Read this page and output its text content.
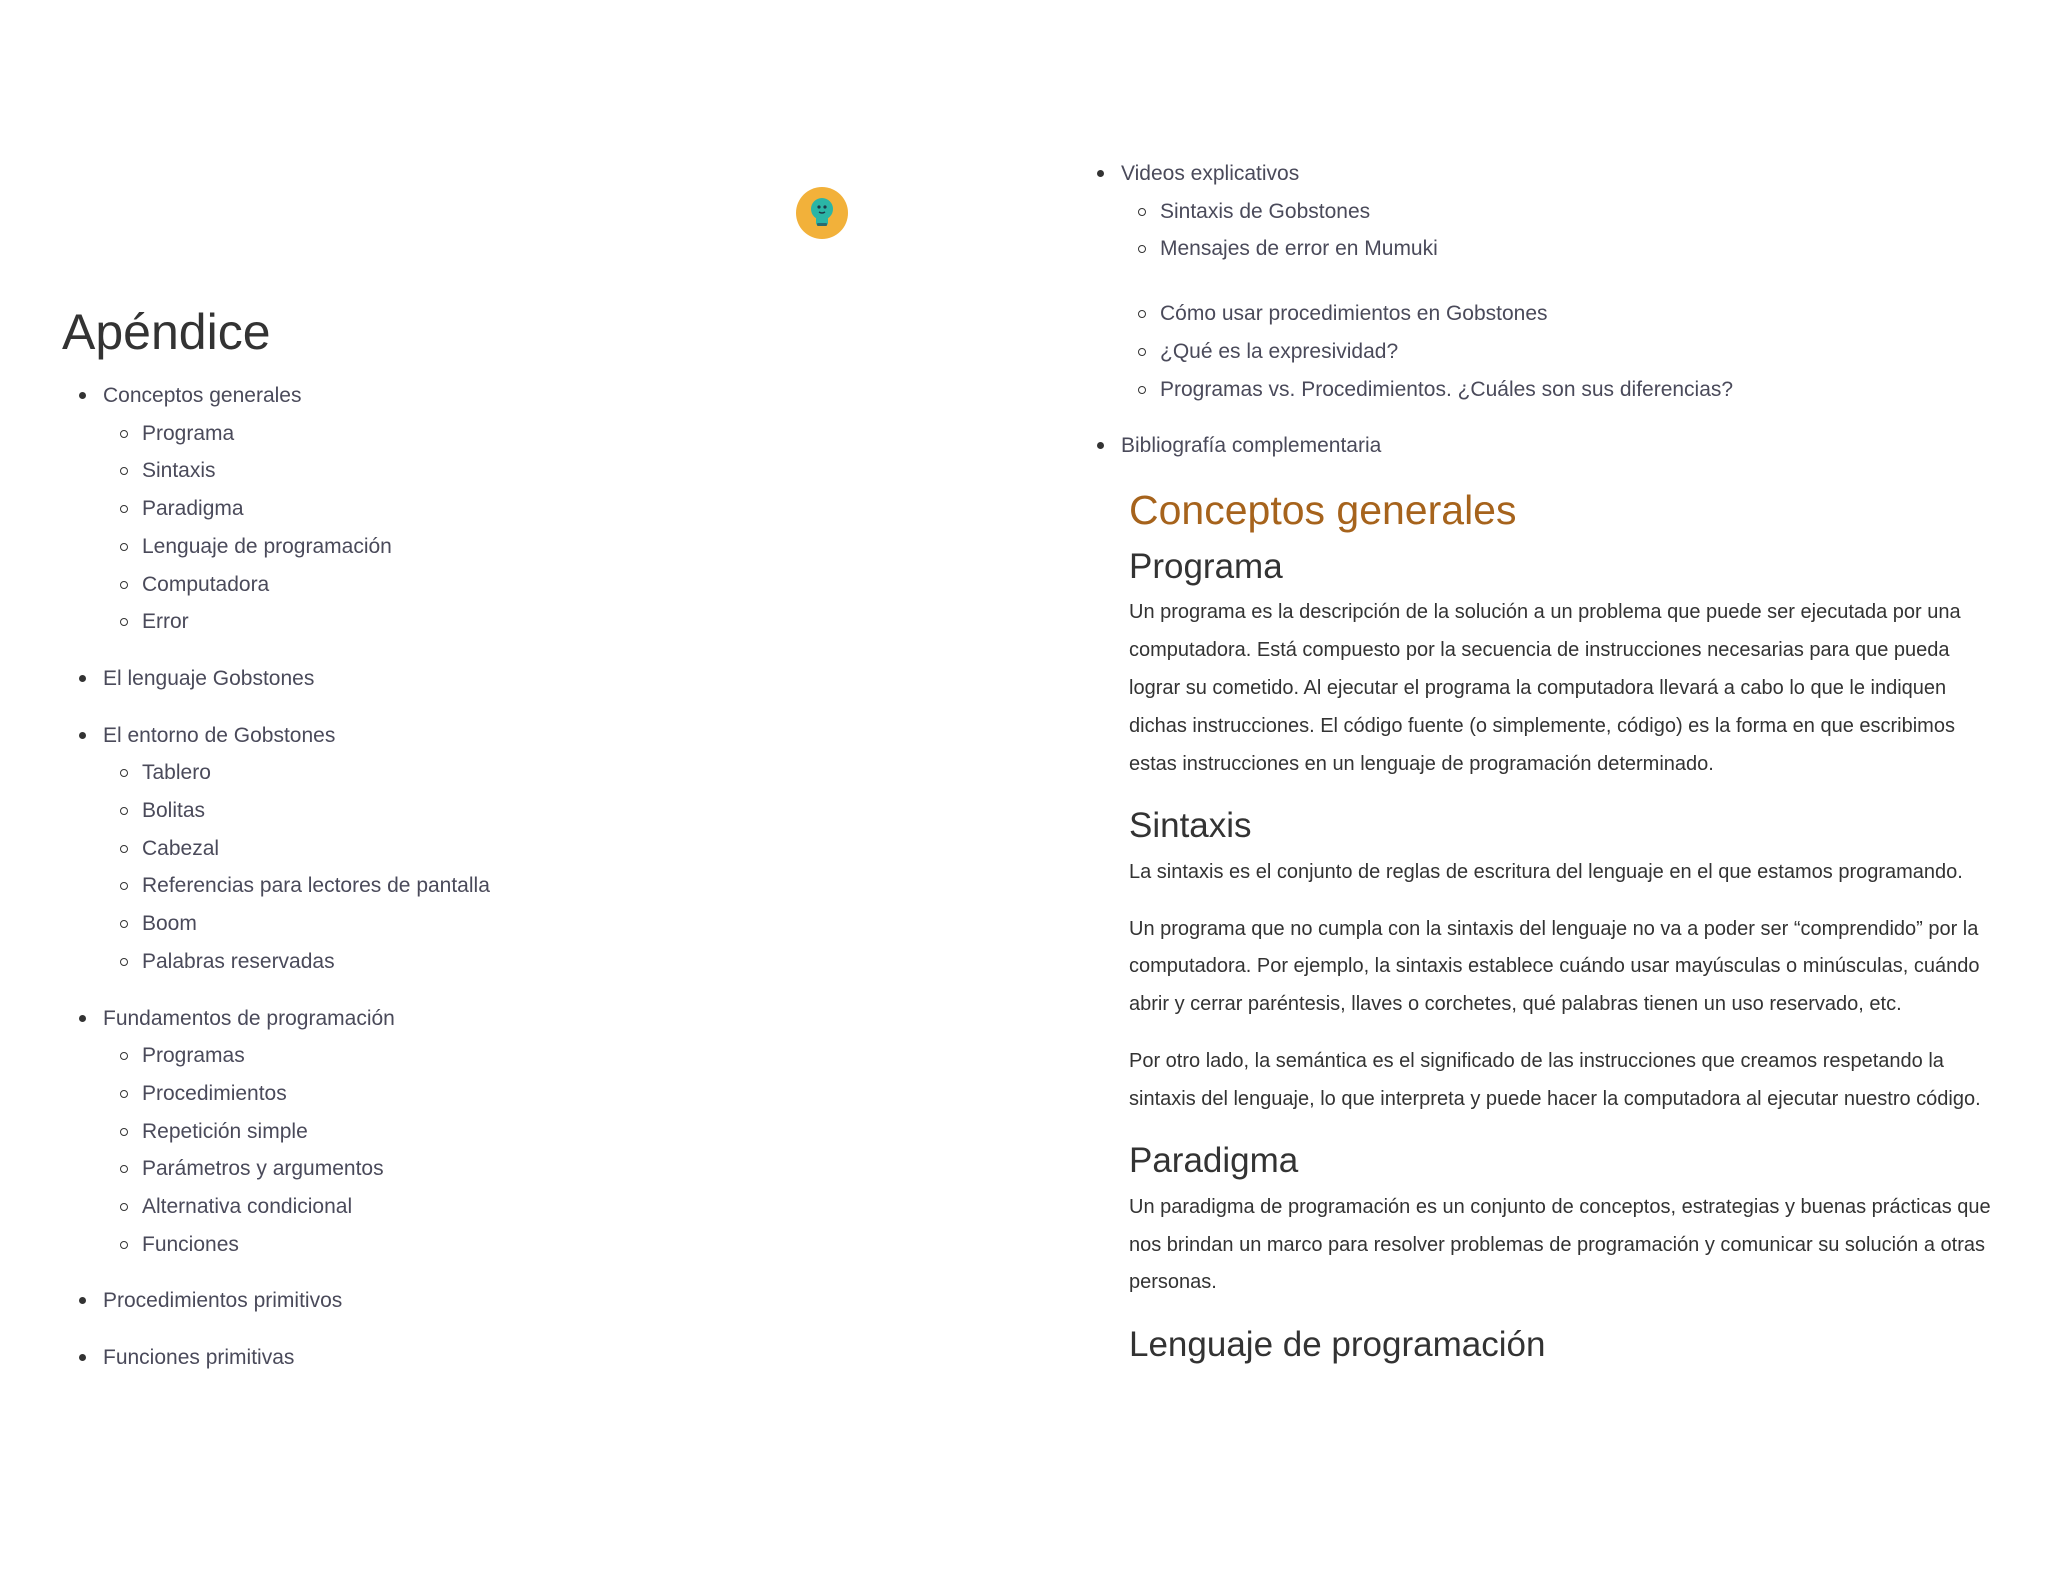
Apéndice
Conceptos generales
Programa
Sintaxis
Paradigma
Lenguaje de programación
Computadora
Error
El lenguaje Gobstones
El entorno de Gobstones
Tablero
Bolitas
Cabezal
Referencias para lectores de pantalla
Boom
Palabras reservadas
Fundamentos de programación
Programas
Procedimientos
Repetición simple
Parámetros y argumentos
Alternativa condicional
Funciones
Procedimientos primitivos
Funciones primitivas
Videos explicativos
Sintaxis de Gobstones
Mensajes de error en Mumuki
Cómo usar procedimientos en Gobstones
¿Qué es la expresividad?
Programas vs. Procedimientos. ¿Cuáles son sus diferencias?
Bibliografía complementaria
Conceptos generales
Programa

Un programa es la descripción de la solución a un problema que puede ser ejecutada por una computadora. Está compuesto por la secuencia de instrucciones necesarias para que pueda lograr su cometido. Al ejecutar el programa la computadora llevará a cabo lo que le indiquen dichas instrucciones. El código fuente (o simplemente, código) es la forma en que escribimos estas instrucciones en un lenguaje de programación determinado.

Sintaxis

La sintaxis es el conjunto de reglas de escritura del lenguaje en el que estamos programando.

Un programa que no cumpla con la sintaxis del lenguaje no va a poder ser “comprendido” por la computadora. Por ejemplo, la sintaxis establece cuándo usar mayúsculas o minúsculas, cuándo abrir y cerrar paréntesis, llaves o corchetes, qué palabras tienen un uso reservado, etc.

Por otro lado, la semántica es el significado de las instrucciones que creamos respetando la sintaxis del lenguaje, lo que interpreta y puede hacer la computadora al ejecutar nuestro código.

Paradigma

Un paradigma de programación es un conjunto de conceptos, estrategias y buenas prácticas que nos brindan un marco para resolver problemas de programación y comunicar su solución a otras personas.

Lenguaje de programación
